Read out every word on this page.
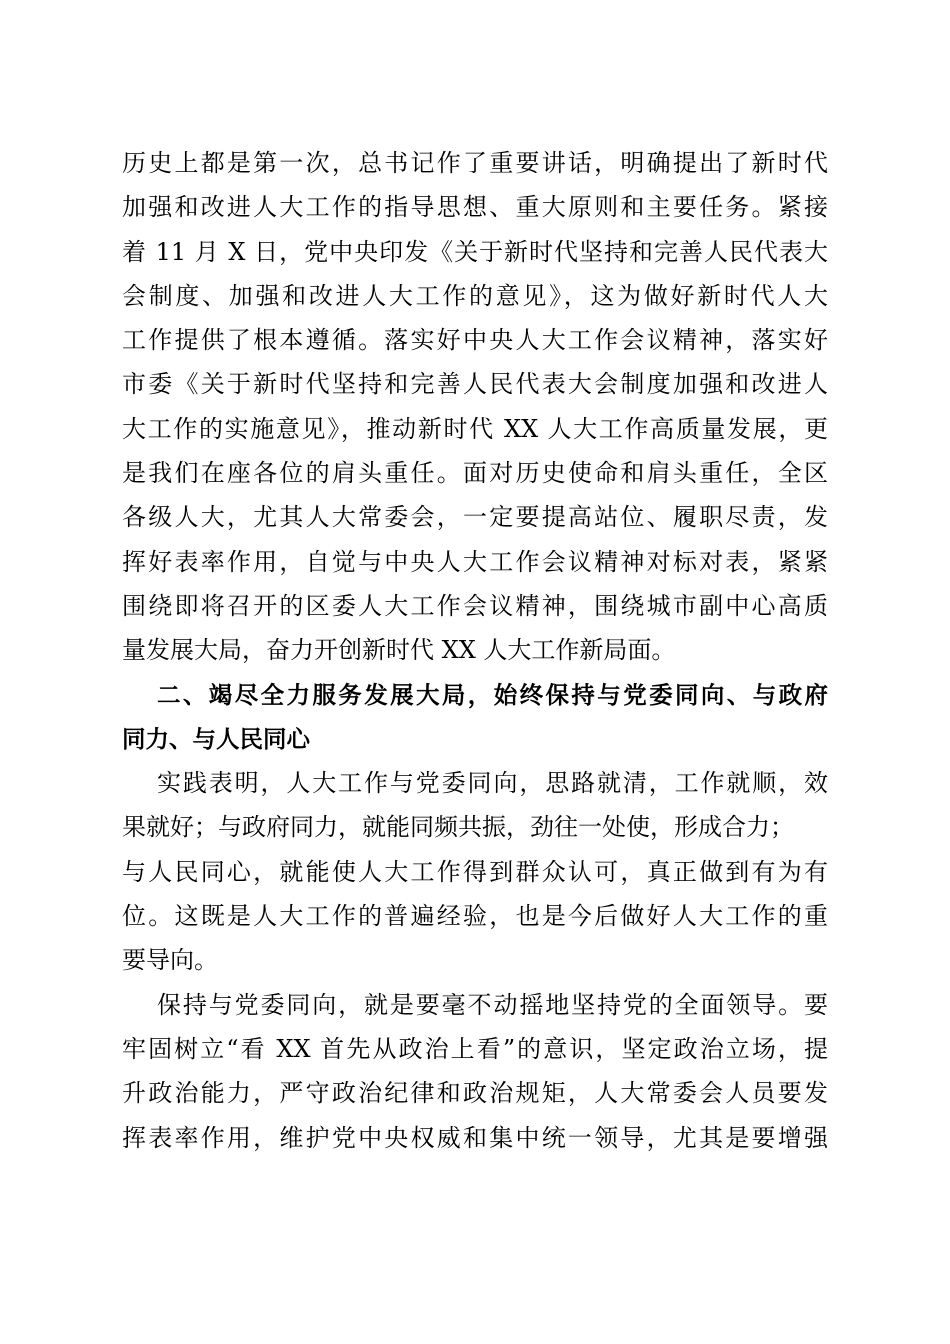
历史上都是第一次，总书记作了重要讲话，明确提出了新时代
加强和改进人大工作的指导思想、重大原则和主要任务。紧接
着 11 月 X 日，党中央印发《关于新时代坚持和完善人民代表大
会制度、加强和改进人大工作的意见》，这为做好新时代人大
工作提供了根本遵循。落实好中央人大工作会议精神，落实好
市委《关于新时代坚持和完善人民代表大会制度加强和改进人
大工作的实施意见》，推动新时代 XX 人大工作高质量发展，更
是我们在座各位的肩头重任。面对历史使命和肩头重任，全区
各级人大，尤其人大常委会，一定要提高站位、履职尽责，发
挥好表率作用，自觉与中央人大工作会议精神对标对表，紧紧
围绕即将召开的区委人大工作会议精神，围绕城市副中心高质
量发展大局，奋力开创新时代 XX 人大工作新局面。
二、竭尽全力服务发展大局，始终保持与党委同向、与政府
同力、与人民同心
实践表明，人大工作与党委同向，思路就清，工作就顺，效
果就好；与政府同力，就能同频共振，劲往一处使，形成合力；
与人民同心，就能使人大工作得到群众认可，真正做到有为有
位。这既是人大工作的普遍经验，也是今后做好人大工作的重
要导向。
保持与党委同向，就是要毫不动摇地坚持党的全面领导。要
牢固树立“看 XX 首先从政治上看”的意识，坚定政治立场，提
升政治能力，严守政治纪律和政治规矩，人大常委会人员要发
挥表率作用，维护党中央权威和集中统一领导，尤其是要增强
